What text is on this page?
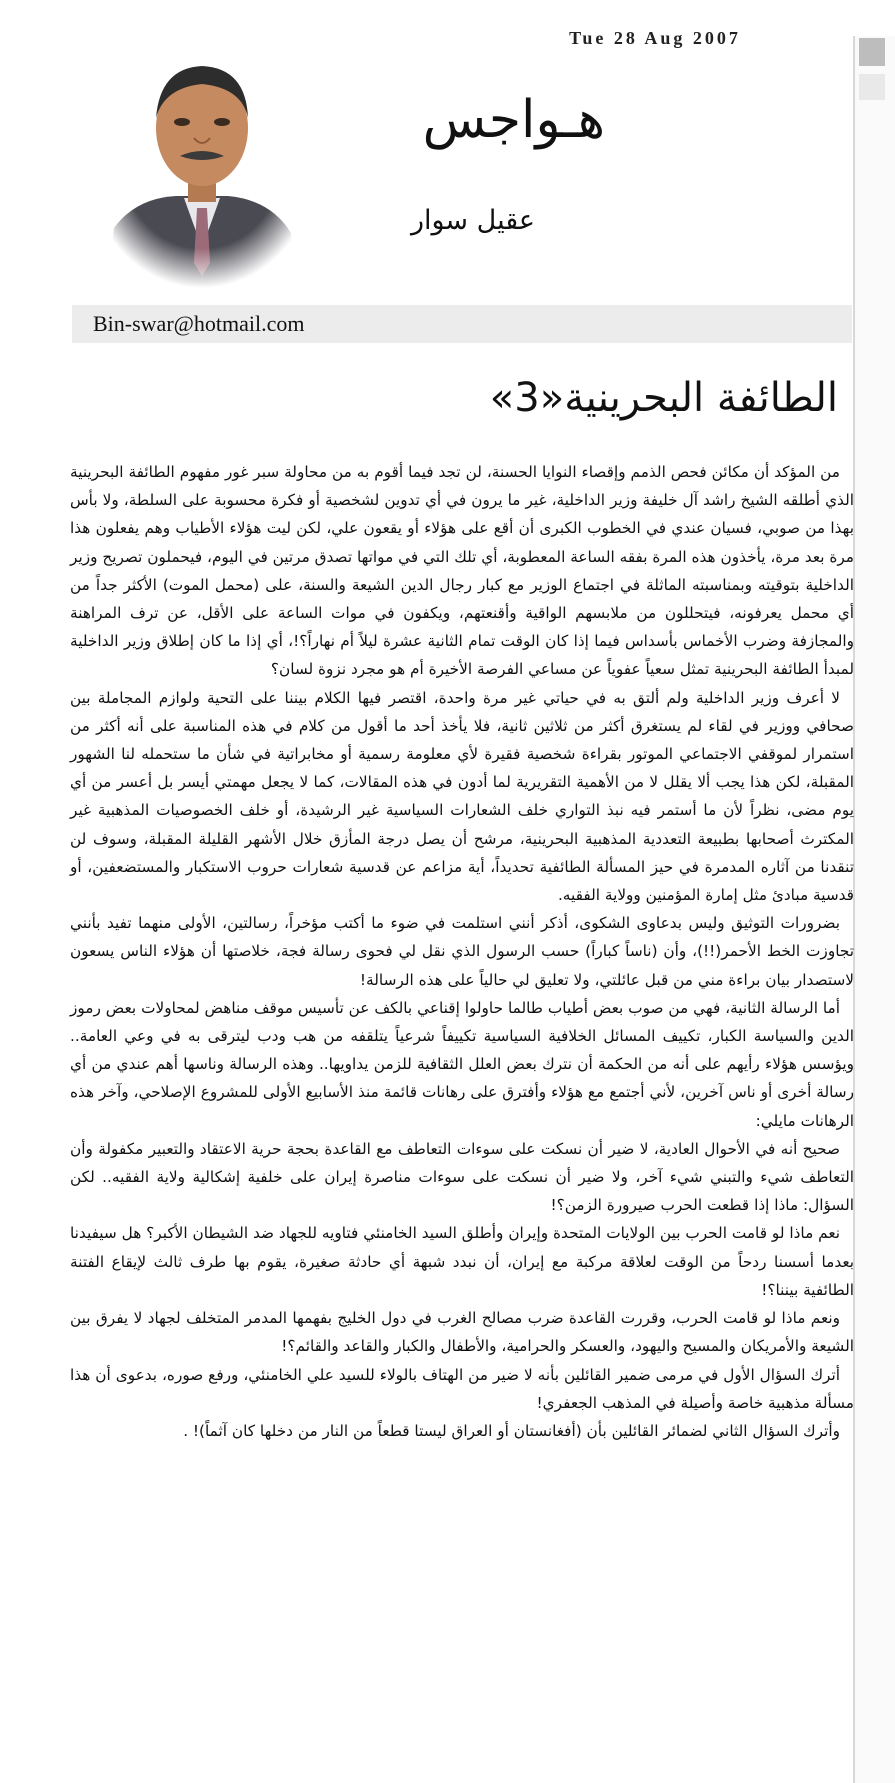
Tue 28 Aug 2007
هـواجس
عقيل سوار
Bin-swar@hotmail.com
الطائفة البحرينية«3»

من المؤكد أن مكائن فحص الذمم وإقصاء النوايا الحسنة، لن تجد فيما أقوم به من محاولة سبر غور مفهوم الطائفة البحرينية الذي أطلقه الشيخ راشد آل خليفة وزير الداخلية، غير ما يرون في أي تدوين لشخصية أو فكرة محسوبة على السلطة، ولا بأس بهذا من صوبي، فسيان عندي في الخطوب الكبرى أن أقع على هؤلاء أو يقعون علي، لكن ليت هؤلاء الأطياب وهم يفعلون هذا مرة بعد مرة، يأخذون هذه المرة بفقه الساعة المعطوبة، أي تلك التي في مواتها تصدق مرتين في اليوم، فيحملون تصريح وزير الداخلية بتوقيته وبمناسبته الماثلة في اجتماع الوزير مع كبار رجال الدين الشيعة والسنة، على (محمل الموت) الأكثر جداً من أي محمل يعرفونه، فيتحللون من ملابسهم الواقية وأقنعتهم، ويكفون في موات الساعة على الأقل، عن ترف المراهنة والمجازفة وضرب الأخماس بأسداس فيما إذا كان الوقت تمام الثانية عشرة ليلاً أم نهاراً؟!، أي إذا ما كان إطلاق وزير الداخلية لمبدأ الطائفة البحرينية تمثل سعياً عفوياً عن مساعي الفرصة الأخيرة أم هو مجرد نزوة لسان؟

لا أعرف وزير الداخلية ولم ألتق به في حياتي غير مرة واحدة، اقتصر فيها الكلام بيننا على التحية ولوازم المجاملة بين صحافي ووزير في لقاء لم يستغرق أكثر من ثلاثين ثانية، فلا يأخذ أحد ما أقول من كلام في هذه المناسبة على أنه أكثر من استمرار لموقفي الاجتماعي الموتور بقراءة شخصية فقيرة لأي معلومة رسمية أو مخابراتية في شأن ما ستحمله لنا الشهور المقبلة، لكن هذا يجب ألا يقلل لا من الأهمية التقريرية لما أدون في هذه المقالات، كما لا يجعل مهمتي أيسر بل أعسر من أي يوم مضى، نظراً لأن ما أستمر فيه نبذ التواري خلف الشعارات السياسية غير الرشيدة، أو خلف الخصوصيات المذهبية غير المكترث أصحابها بطبيعة التعددية المذهبية البحرينية، مرشح أن يصل درجة المأزق خلال الأشهر القليلة المقبلة، وسوف لن تنقدنا من آثاره المدمرة في حيز المسألة الطائفية تحديداً، أية مزاعم عن قدسية شعارات حروب الاستكبار والمستضعفين، أو قدسية مبادئ مثل إمارة المؤمنين وولاية الفقيه.

بضرورات التوثيق وليس بدعاوى الشكوى، أذكر أنني استلمت في ضوء ما أكتب مؤخراً، رسالتين، الأولى منهما تفيد بأنني تجاوزت الخط الأحمر(!!)، وأن (ناساً كباراً) حسب الرسول الذي نقل لي فحوى رسالة فجة، خلاصتها أن هؤلاء الناس يسعون لاستصدار بيان براءة مني من قبل عائلتي، ولا تعليق لي حالياً على هذه الرسالة!

أما الرسالة الثانية، فهي من صوب بعض أطياب طالما حاولوا إقناعي بالكف عن تأسيس موقف مناهض لمحاولات بعض رموز الدين والسياسة الكبار، تكييف المسائل الخلافية السياسية تكييفاً شرعياً يتلقفه من هب ودب ليترقى به في وعي العامة.. ويؤسس هؤلاء رأيهم على أنه من الحكمة أن نترك بعض العلل الثقافية للزمن يداويها.. وهذه الرسالة وناسها أهم عندي من أي رسالة أخرى أو ناس آخرين، لأني أجتمع مع هؤلاء وأفترق على رهانات قائمة منذ الأسابيع الأولى للمشروع الإصلاحي، وآخر هذه الرهانات مايلي:

صحيح أنه في الأحوال العادية، لا ضير أن نسكت على سوءات التعاطف مع القاعدة بحجة حرية الاعتقاد والتعبير مكفولة وأن التعاطف شيء والتبني شيء آخر، ولا ضير أن نسكت على سوءات مناصرة إيران على خلفية إشكالية ولاية الفقيه.. لكن السؤال: ماذا إذا قطعت الحرب صيرورة الزمن؟!

نعم ماذا لو قامت الحرب بين الولايات المتحدة وإيران وأطلق السيد الخامنئي فتاويه للجهاد ضد الشيطان الأكبر؟ هل سيفيدنا بعدما أسسنا ردحاً من الوقت لعلاقة مركبة مع إيران، أن نبدد شبهة أي حادثة صغيرة، يقوم بها طرف ثالث لإيقاع الفتنة الطائفية بيننا؟!

ونعم ماذا لو قامت الحرب، وقررت القاعدة ضرب مصالح الغرب في دول الخليج بفهمها المدمر المتخلف لجهاد لا يفرق بين الشيعة والأمريكان والمسيح واليهود، والعسكر والحرامية، والأطفال والكبار والقاعد والقائم؟!

أترك السؤال الأول في مرمى ضمير القائلين بأنه لا ضير من الهتاف بالولاء للسيد علي الخامنئي، ورفع صوره، بدعوى أن هذا مسألة مذهبية خاصة وأصيلة في المذهب الجعفري!

وأترك السؤال الثاني لضمائر القائلين بأن (أفغانستان أو العراق ليستا قطعاً من النار من دخلها كان آثماً)! .
